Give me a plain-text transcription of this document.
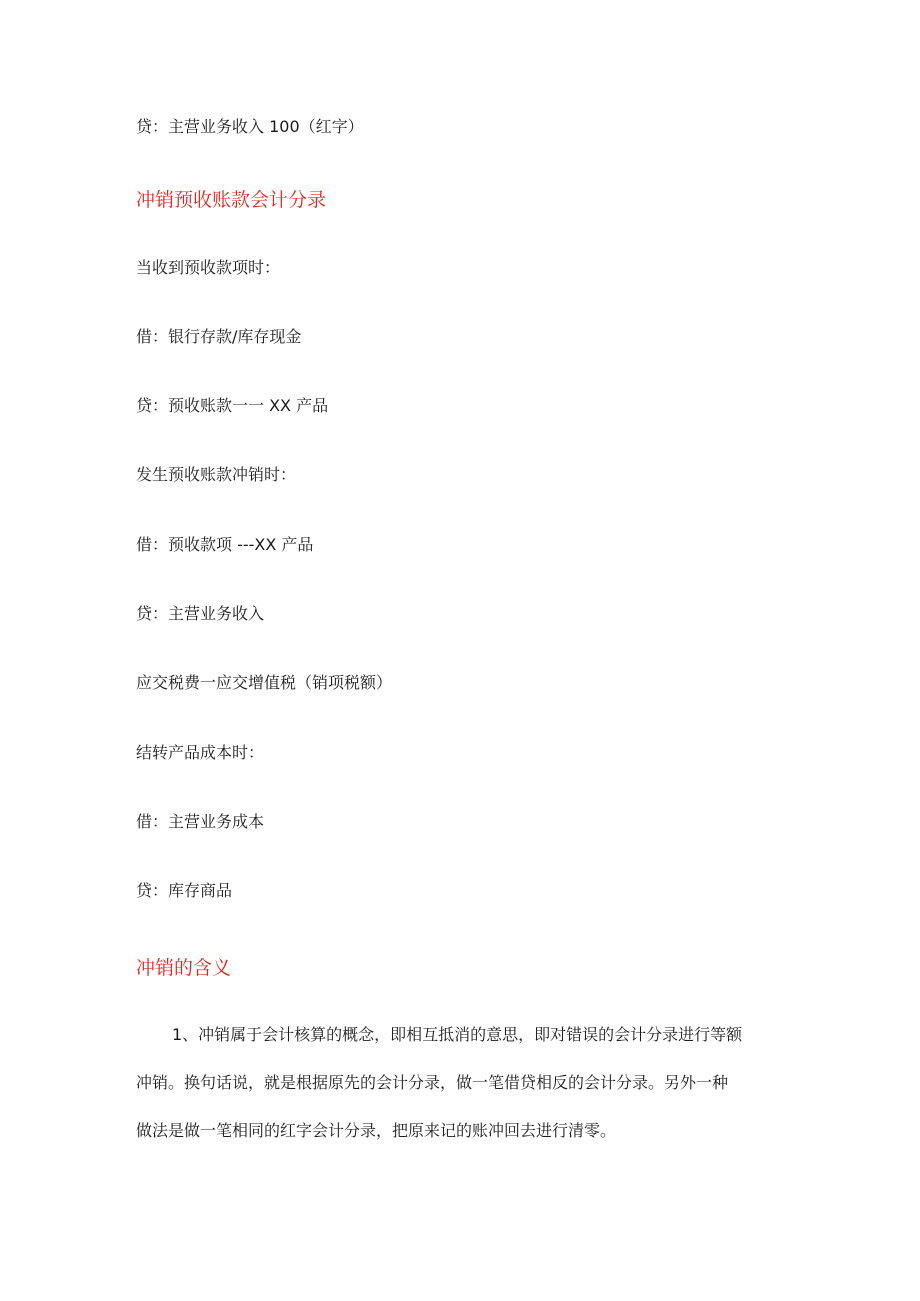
贷：主营业务收入 100（红字）

冲销预收账款会计分录

当收到预收款项时：

借：银行存款/库存现金

贷：预收账款一一 XX 产品

发生预收账款冲销时：

借：预收款项 ---XX 产品

贷：主营业务收入

应交税费一应交增值税（销项税额）

结转产品成本时：

借：主营业务成本

贷：库存商品

冲销的含义
1、冲销属于会计核算的概念，即相互抵消的意思，即对错误的会计分录进行等额
冲销。换句话说，就是根据原先的会计分录，做一笔借贷相反的会计分录。另外一种
做法是做一笔相同的红字会计分录，把原来记的账冲回去进行清零。
